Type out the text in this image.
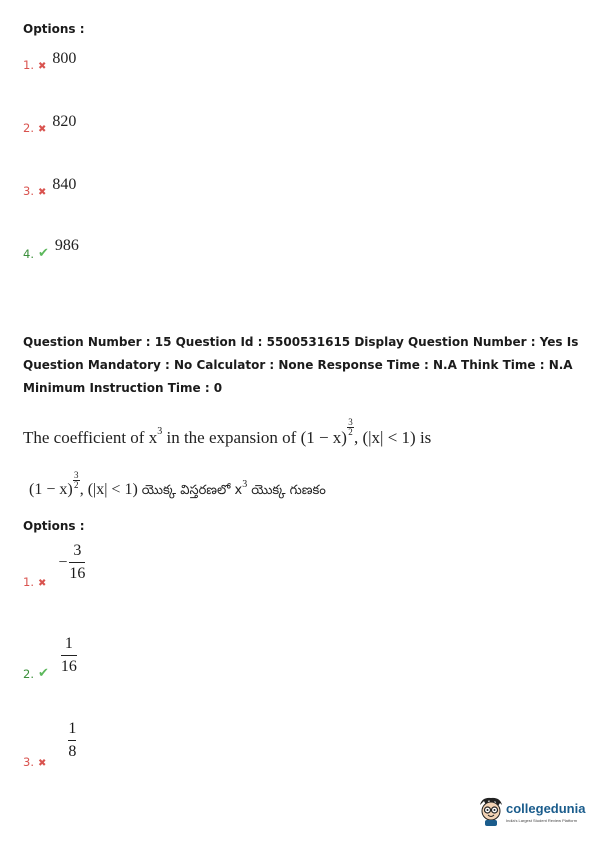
Options :
1. ✖ 800
2. ✖ 820
3. ✖ 840
4. ✔ 986
Question Number : 15 Question Id : 5500531615 Display Question Number : Yes Is Question Mandatory : No Calculator : None Response Time : N.A Think Time : N.A Minimum Instruction Time : 0
The coefficient of $x^3$ in the expansion of (1 − x)
$\frac{3}{2}$
, (|x| < 1) is
$(1 - x) \frac{3}{2}$ , (|x| < 1) యొక్క విస్తరణలో $x^3$ యొక్క గుణకం
Options :
1. ✖
− $\frac{3}{16}$
2. ✔ $\frac{1}{16}$
3. ✖
$\frac{1}{8}$
collegedunia
India's Largest Student Review Platform
